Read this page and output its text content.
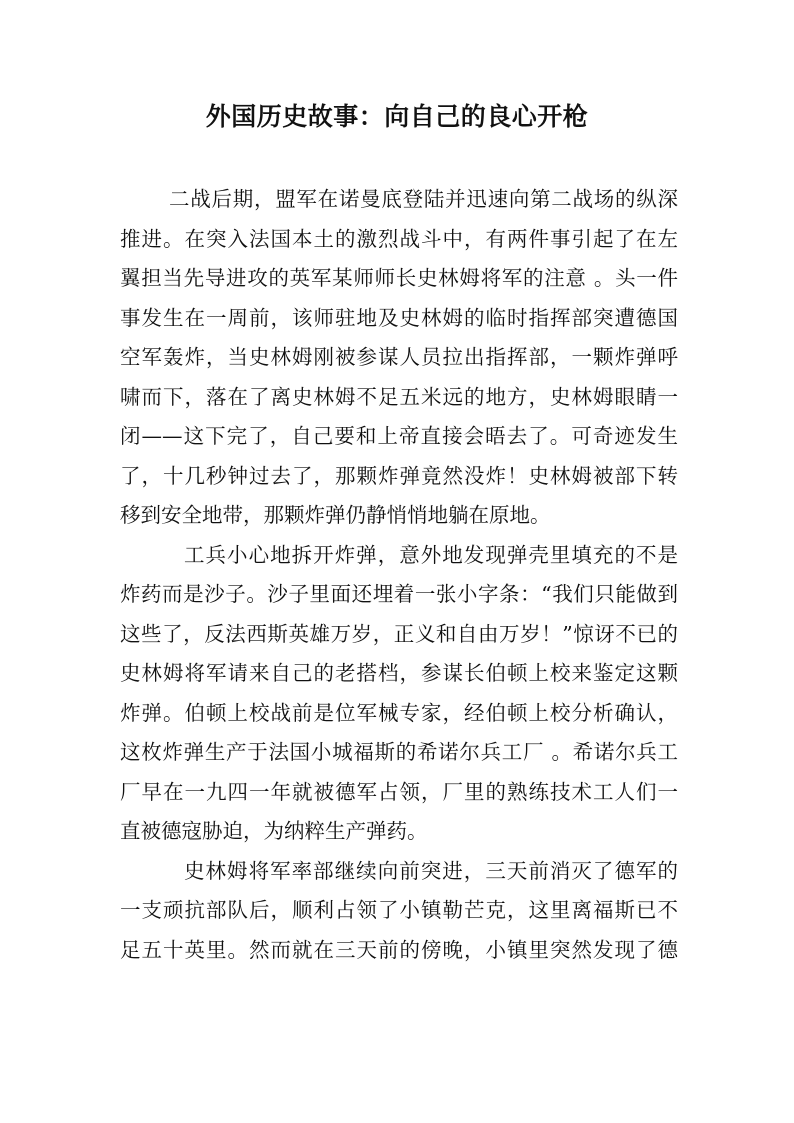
外国历史故事：向自己的良心开枪
二战后期，盟军在诺曼底登陆并迅速向第二战场的纵深
推进。在突入法国本土的激烈战斗中，有两件事引起了在左
翼担当先导进攻的英军某师师长史林姆将军的注意 。头一件
事发生在一周前，该师驻地及史林姆的临时指挥部突遭德国
空军轰炸，当史林姆刚被参谋人员拉出指挥部，一颗炸弹呼
啸而下，落在了离史林姆不足五米远的地方，史林姆眼睛一
闭——这下完了，自己要和上帝直接会晤去了。可奇迹发生
了，十几秒钟过去了，那颗炸弹竟然没炸！史林姆被部下转
移到安全地带，那颗炸弹仍静悄悄地躺在原地。
工兵小心地拆开炸弹，意外地发现弹壳里填充的不是
炸药而是沙子。沙子里面还埋着一张小字条：“我们只能做到
这些了，反法西斯英雄万岁，正义和自由万岁！”惊讶不已的
史林姆将军请来自己的老搭档，参谋长伯顿上校来鉴定这颗
炸弹。伯顿上校战前是位军械专家，经伯顿上校分析确认，
这枚炸弹生产于法国小城福斯的希诺尔兵工厂 。希诺尔兵工
厂早在一九四一年就被德军占领，厂里的熟练技术工人们一
直被德寇胁迫，为纳粹生产弹药。
史林姆将军率部继续向前突进，三天前消灭了德军的
一支顽抗部队后，顺利占领了小镇勒芒克，这里离福斯已不
足五十英里。然而就在三天前的傍晚，小镇里突然发现了德
